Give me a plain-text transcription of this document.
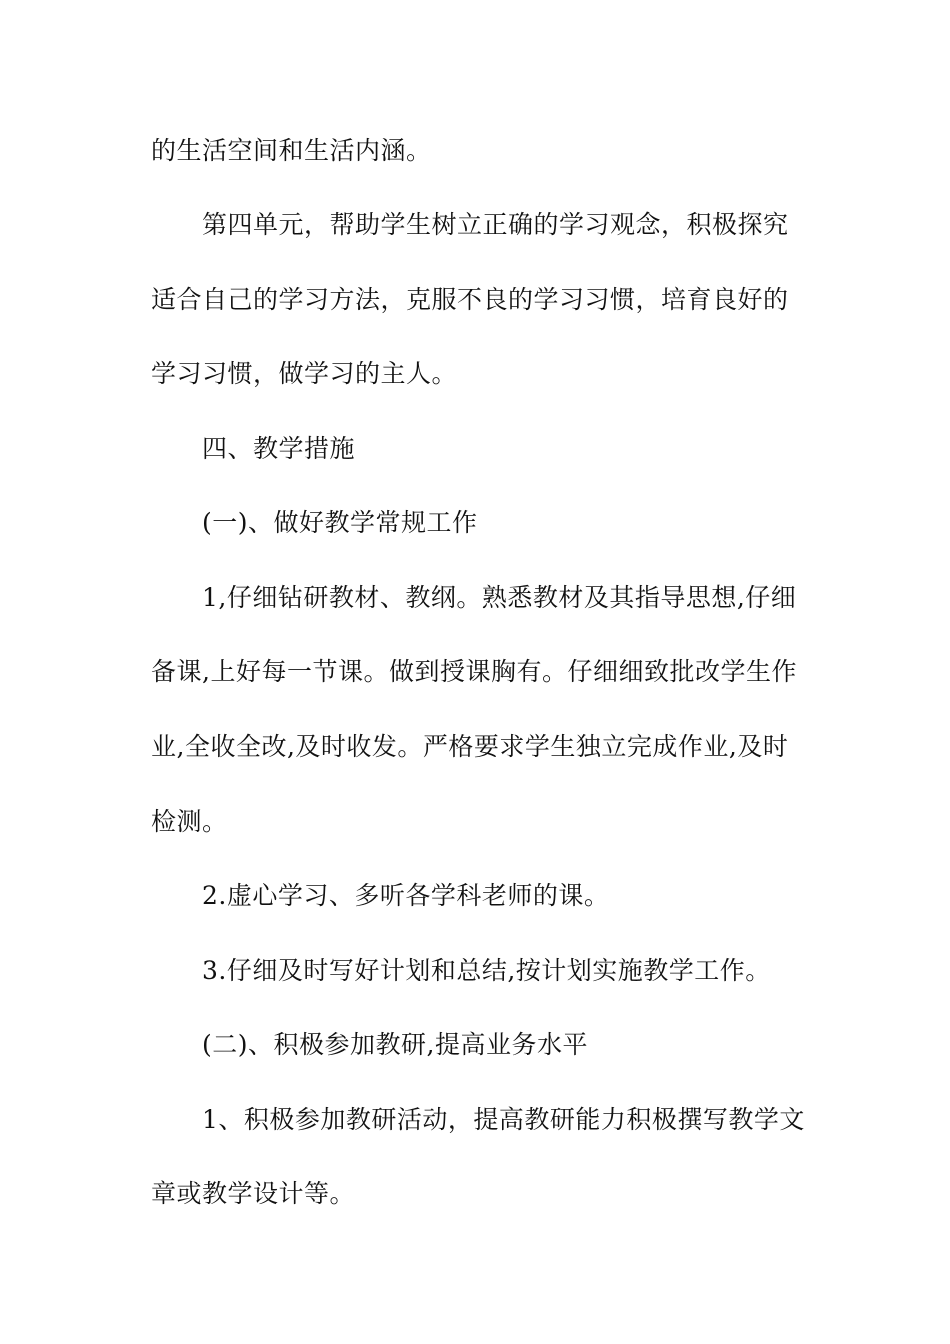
的生活空间和生活内涵。
第四单元，帮助学生树立正确的学习观念，积极探究
适合自己的学习方法，克服不良的学习习惯，培育良好的
学习习惯，做学习的主人。
四、教学措施
(一)、做好教学常规工作
1,仔细钻研教材、教纲。熟悉教材及其指导思想,仔细
备课,上好每一节课。做到授课胸有。仔细细致批改学生作
业,全收全改,及时收发。严格要求学生独立完成作业,及时
检测。
2.虚心学习、多听各学科老师的课。
3.仔细及时写好计划和总结,按计划实施教学工作。
(二)、积极参加教研,提高业务水平
1、积极参加教研活动，提高教研能力积极撰写教学文
章或教学设计等。
